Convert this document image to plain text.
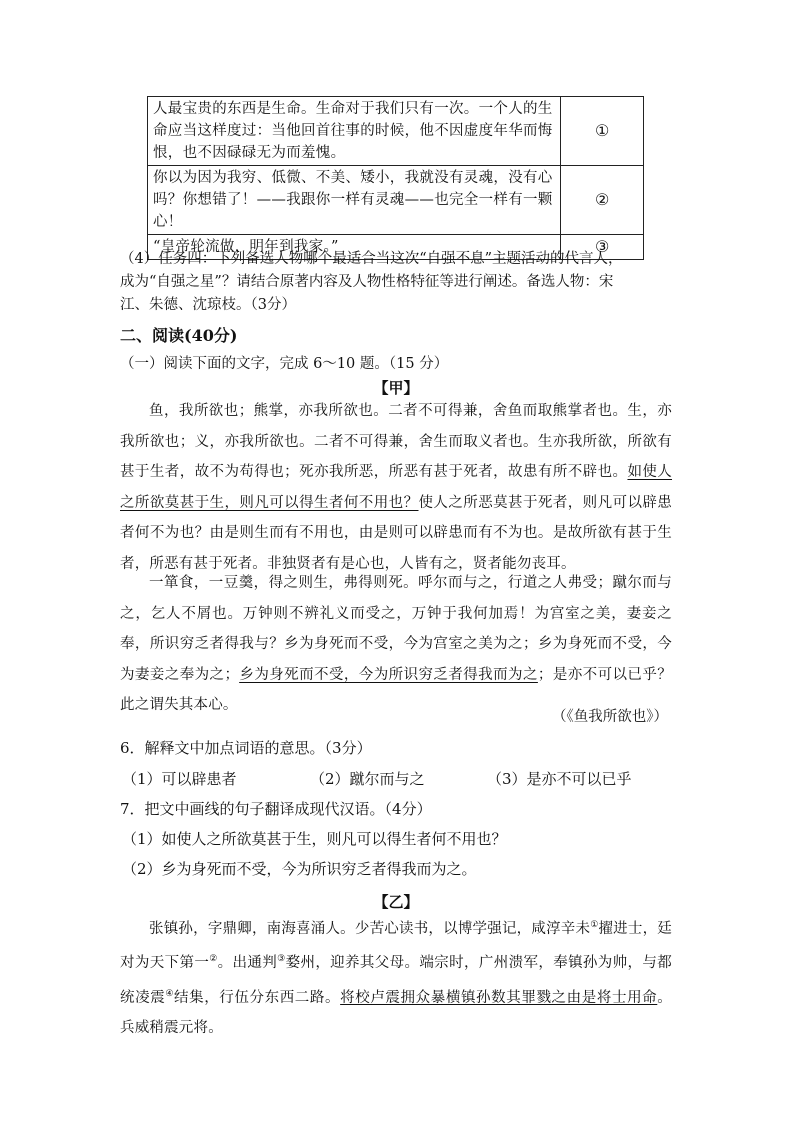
人最宝贵的东西是生命。生命对于我们只有一次。一个人的生命应当这样度过：当他回首往事的时候，他不因虚度年华而悔恨，也不因碌碌无为而羞愧。	①
你以为因为我穷、低微、不美、矮小，我就没有灵魂，没有心吗？你想错了！——我跟你一样有灵魂——也完全一样有一颗心！	②
“皇帝轮流做，明年到我家。”	③
（4）任务四：下列备选人物哪个最适合当这次“自强不息”主题活动的代言人，
成为“自强之星”？请结合原著内容及人物性格特征等进行阐述。备选人物：宋
江、朱德、沈琼枝。（3分）
二、阅读(40分)
（一）阅读下面的文字，完成 6～10 题。（15 分）
【甲】
鱼，我所欲也；熊掌，亦我所欲也。二者不可得兼，舍鱼而取熊掌者也。生，亦我所欲也；义，亦我所欲也。二者不可得兼，舍生而取义者也。生亦我所欲，所欲有甚于生者，故不为苟得也；死亦我所恶，所恶有甚于死者，故患有所不辟也。如使人之所欲莫甚于生，则凡可以得生者何不用也？使人之所恶莫甚于死者，则凡可以辟患者何不为也？由是则生而有不用也，由是则可以辟患而有不为也。是故所欲有甚于生者，所恶有甚于死者。非独贤者有是心也，人皆有之，贤者能勿丧耳。
一箪食，一豆羹，得之则生，弗得则死。呼尔而与之，行道之人弗受；蹴尔而与之，乞人不屑也。万钟则不辨礼义而受之，万钟于我何加焉！为宫室之美，妻妾之奉，所识穷乏者得我与？乡为身死而不受，今为宫室之美为之；乡为身死而不受，今为妻妾之奉为之；乡为身死而不受，今为所识穷乏者得我而为之；是亦不可以已乎？此之谓失其本心。
（《鱼我所欲也》）
6．解释文中加点词语的意思。（3分）
（1）可以辟患者	（2）蹴尔而与之	（3）是亦不可以已乎
7．把文中画线的句子翻译成现代汉语。（4分）
（1）如使人之所欲莫甚于生，则凡可以得生者何不用也？
（2）乡为身死而不受，今为所识穷乏者得我而为之。
【乙】
张镇孙，字鼎卿，南海喜涌人。少苦心读书，以博学强记，咸淳辛未①擢进士，廷对为天下第一②。出通判③婺州，迎养其父母。端宗时，广州溃军，奉镇孙为帅，与都统凌震④结集，行伍分东西二路。将校卢震拥众暴横镇孙数其罪戮之由是将士用命。兵威稍震元将。
